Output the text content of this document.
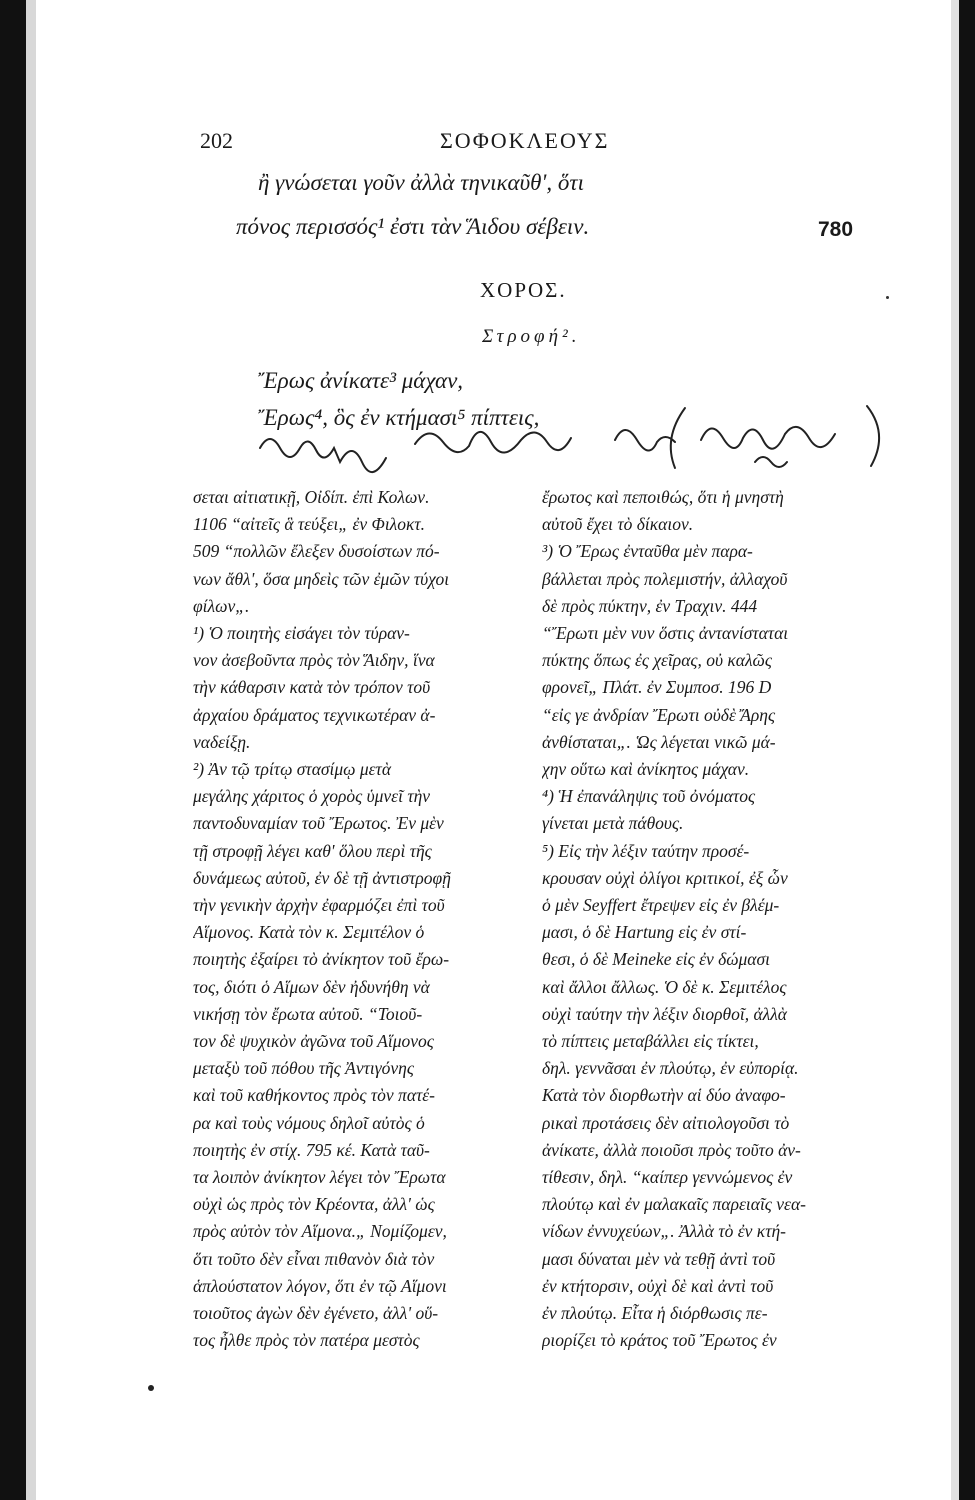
202	ΣΟΦΟΚΛΕΟΥΣ
ἢ γνώσεται γοῦν ἀλλὰ τηνικαῦθ', ὅτι
πόνος περισσός¹ ἐστι τὰν Ἅιδου σέβειν.	780
ΧΟΡΟΣ.
Στροφή².
Ἔρως ἀνίκατε³ μάχαν,
Ἔρως⁴, ὃς ἐν κτήμασι⁵ πίπτεις,
πίπτεις εἰς τὸ ἀσθενὲς ἦθος (καλέον ἤπεις)
σεται αἰτιατικῇ, Οἰδίπ. ἐπὶ Κολων.
1106 “αἰτεῖς ἃ τεύξει„ ἐν Φιλοκτ.
509 “πολλῶν ἔλεξεν δυσοίστων πό-
νων ἄθλ', ὅσα μηδεὶς τῶν ἐμῶν τύχοι
φίλων„.
¹) Ὁ ποιητὴς εἰσάγει τὸν τύραν-
νον ἀσεβοῦντα πρὸς τὸν Ἅιδην, ἵνα
τὴν κάθαρσιν κατὰ τὸν τρόπον τοῦ
ἀρχαίου δράματος τεχνικωτέραν ἀ-
ναδείξῃ.
²) Ἀν τῷ τρίτῳ στασίμῳ μετὰ
μεγάλης χάριτος ὁ χορὸς ὑμνεῖ τὴν
παντοδυναμίαν τοῦ Ἔρωτος. Ἐν μὲν
τῇ στροφῇ λέγει καθ' ὅλου περὶ τῆς
δυνάμεως αὐτοῦ, ἐν δὲ τῇ ἀντιστροφῇ
τὴν γενικὴν ἀρχὴν ἐφαρμόζει ἐπὶ τοῦ
Αἵμονος. Κατὰ τὸν κ. Σεμιτέλον ὁ
ποιητὴς ἐξαίρει τὸ ἀνίκητον τοῦ ἔρω-
τος, διότι ὁ Αἵμων δὲν ἠδυνήθη νὰ
νικήσῃ τὸν ἔρωτα αὐτοῦ. “Τοιοῦ-
τον δὲ ψυχικὸν ἀγῶνα τοῦ Αἵμονος
μεταξὺ τοῦ πόθου τῆς Ἀντιγόνης
καὶ τοῦ καθήκοντος πρὸς τὸν πατέ-
ρα καὶ τοὺς νόμους δηλοῖ αὐτὸς ὁ
ποιητὴς ἐν στίχ. 795 κέ. Κατὰ ταῦ-
τα λοιπὸν ἀνίκητον λέγει τὸν Ἔρωτα
οὐχὶ ὡς πρὸς τὸν Κρέοντα, ἀλλ' ὡς
πρὸς αὐτὸν τὸν Αἵμονα.„ Νομίζομεν,
ὅτι τοῦτο δὲν εἶναι πιθανὸν διὰ τὸν
ἁπλούστατον λόγον, ὅτι ἐν τῷ Αἵμονι
τοιοῦτος ἀγὼν δὲν ἐγένετο, ἀλλ' οὕ-
τος ἦλθε πρὸς τὸν πατέρα μεστὸς
ἔρωτος καὶ πεποιθώς, ὅτι ἡ μνηστὴ
αὐτοῦ ἔχει τὸ δίκαιον.
³) Ὁ Ἔρως ἐνταῦθα μὲν παρα-
βάλλεται πρὸς πολεμιστήν, ἀλλαχοῦ
δὲ πρὸς πύκτην, ἐν Τραχιν. 444
“Ἔρωτι μὲν νυν ὅστις ἀντανίσταται
πύκτης ὅπως ἐς χεῖρας, οὐ καλῶς
φρονεῖ„ Πλάτ. ἐν Συμποσ. 196 D
“εἰς γε ἀνδρίαν Ἔρωτι οὐδὲ Ἄρης
ἀνθίσταται„. Ὡς λέγεται νικῶ μά-
χην οὕτω καὶ ἀνίκητος μάχαν.
⁴) Ἡ ἐπανάληψις τοῦ ὀνόματος
γίνεται μετὰ πάθους.
⁵) Εἰς τὴν λέξιν ταύτην προσέ-
κρουσαν οὐχὶ ὀλίγοι κριτικοί, ἐξ ὧν
ὁ μὲν Seyffert ἔτρεψεν εἰς ἐν βλέμ-
μασι, ὁ δὲ Hartung εἰς ἐν στί-
θεσι, ὁ δὲ Meineke εἰς ἐν δώμασι
καὶ ἄλλοι ἄλλως. Ὁ δὲ κ. Σεμιτέλος
οὐχὶ ταύτην τὴν λέξιν διορθοῖ, ἀλλὰ
τὸ πίπτεις μεταβάλλει εἰς τίκτει,
δηλ. γεννᾶσαι ἐν πλούτῳ, ἐν εὐπορίᾳ.
Κατὰ τὸν διορθωτὴν αἱ δύο ἀναφο-
ρικαὶ προτάσεις δὲν αἰτιολογοῦσι τὸ
ἀνίκατε, ἀλλὰ ποιοῦσι πρὸς τοῦτο ἀν-
τίθεσιν, δηλ. “καίπερ γεννώμενος ἐν
πλούτῳ καὶ ἐν μαλακαῖς παρειαῖς νεα-
νίδων ἐννυχεύων„. Ἀλλὰ τὸ ἐν κτή-
μασι δύναται μὲν νὰ τεθῇ ἀντὶ τοῦ
ἐν κτήτορσιν, οὐχὶ δὲ καὶ ἀντὶ τοῦ
ἐν πλούτῳ. Εἶτα ἡ διόρθωσις πε-
ριορίζει τὸ κράτος τοῦ Ἔρωτος ἐν
